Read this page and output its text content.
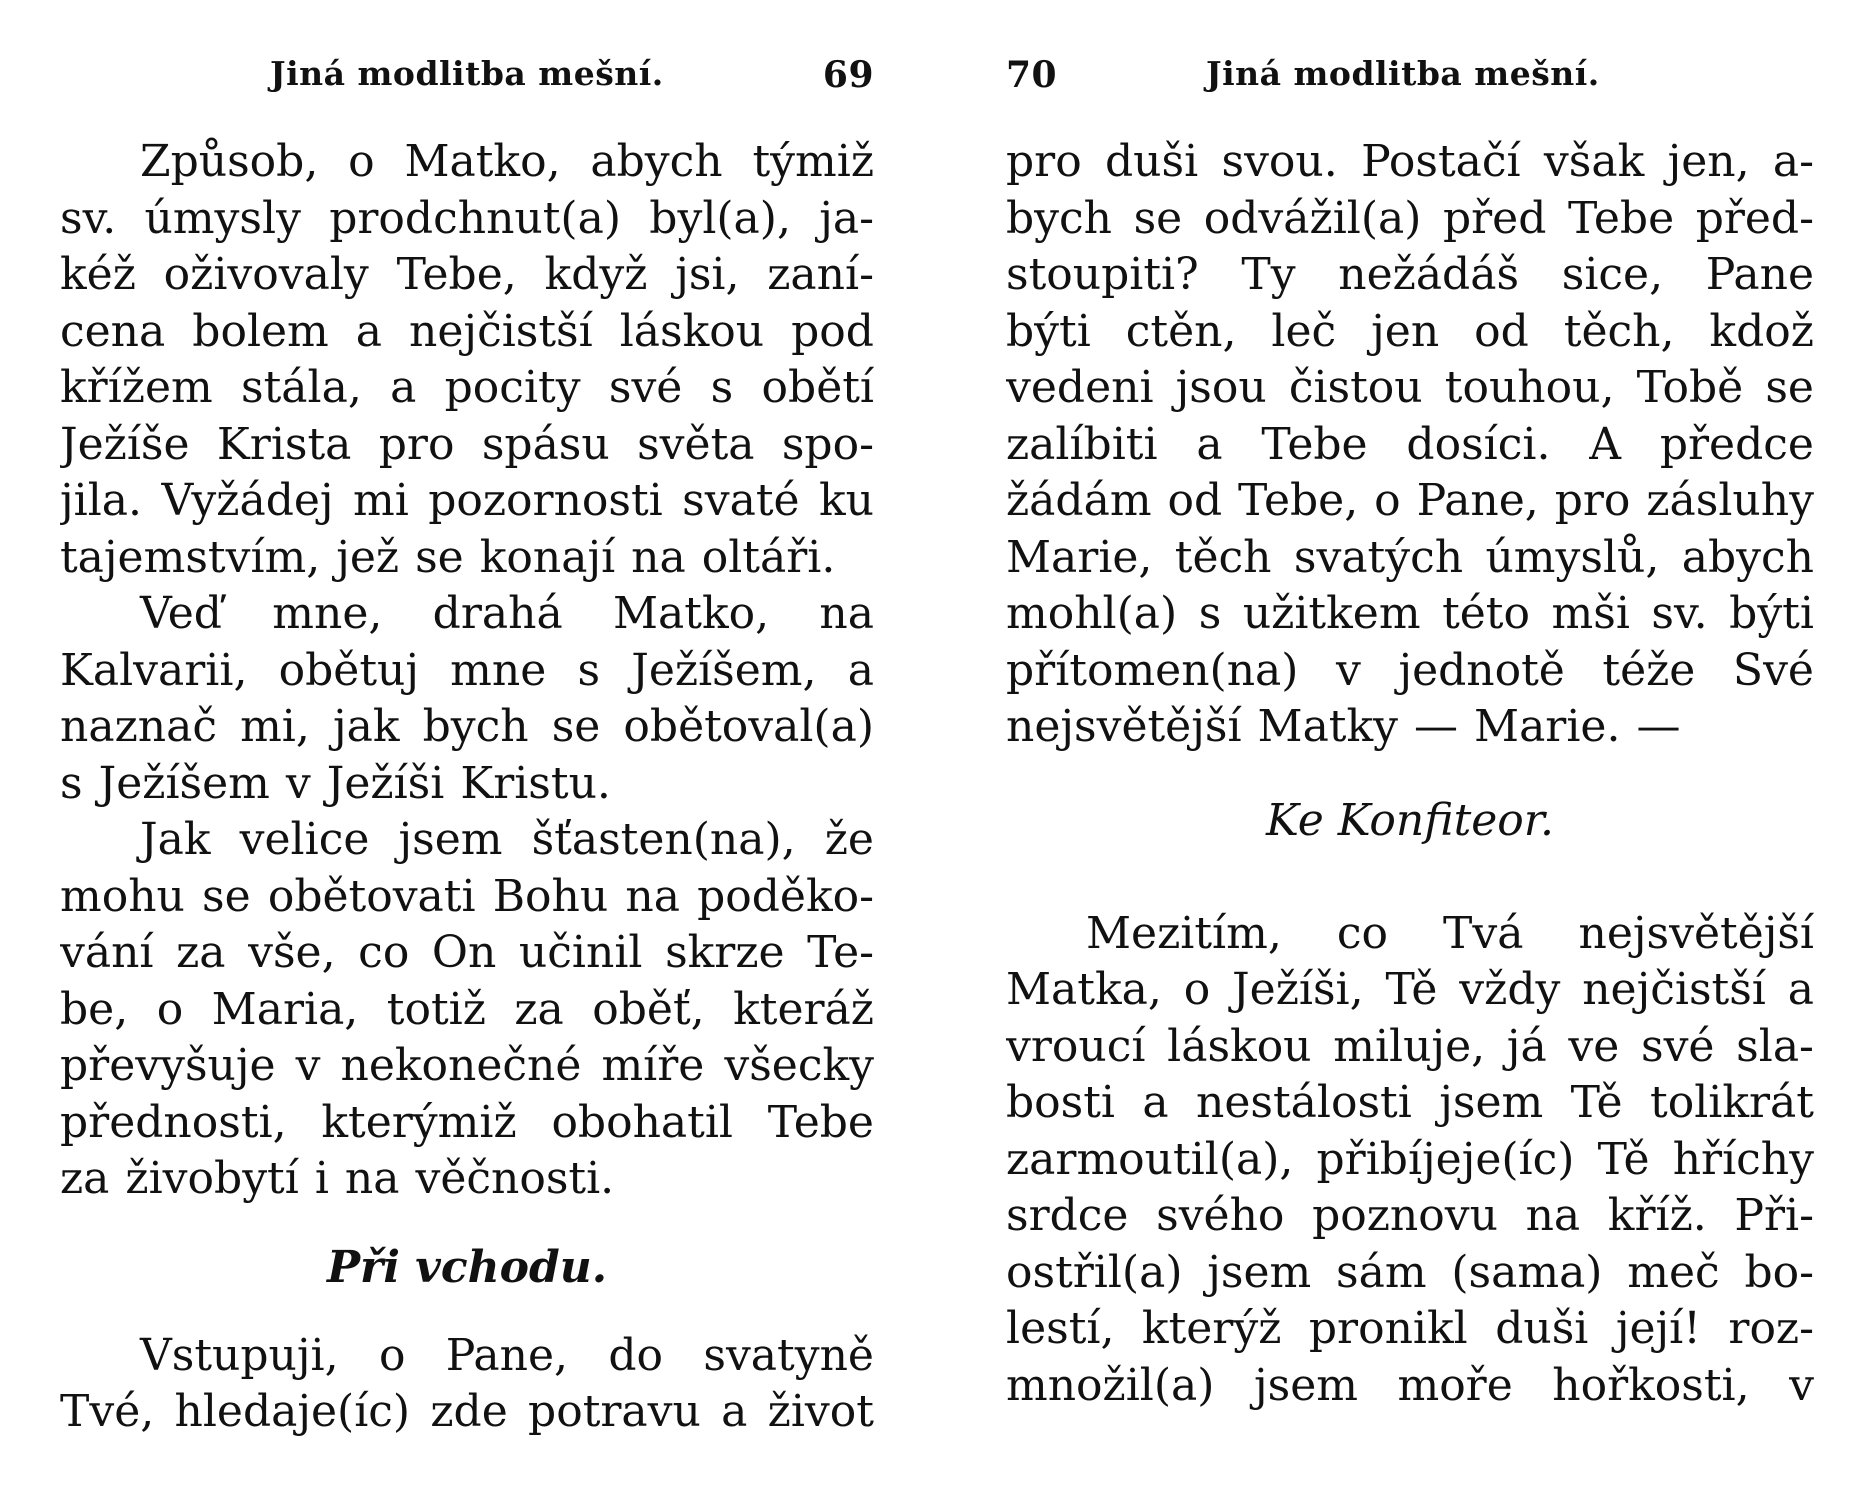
Jiná modlitba mešní.	69
Způsob, o Matko, abych týmiž
sv. úmysly prodchnut(a) byl(a), ja-
kéž oživovaly Tebe, když jsi, zaní-
cena bolem a nejčistší láskou pod
křížem stála, a pocity své s obětí
Ježíše Krista pro spásu světa spo-
jila. Vyžádej mi pozornosti svaté ku
tajemstvím, jež se konají na oltáři.
Veď mne, drahá Matko, na
Kalvarii, obětuj mne s Ježíšem, a
naznač mi, jak bych se obětoval(a)
s Ježíšem v Ježíši Kristu.
Jak velice jsem šťasten(na), že
mohu se obětovati Bohu na poděko-
vání za vše, co On učinil skrze Te-
be, o Maria, totiž za oběť, kteráž
převyšuje v nekonečné míře všecky
přednosti, kterýmiž obohatil Tebe
za živobytí i na věčnosti.
Při vchodu.
Vstupuji, o Pane, do svatyně
Tvé, hledaje(íc) zde potravu a život
70	Jiná modlitba mešní.
pro duši svou. Postačí však jen, a-
bych se odvážil(a) před Tebe před-
stoupiti? Ty nežádáš sice, Pane
býti ctěn, leč jen od těch, kdož
vedeni jsou čistou touhou, Tobě se
zalíbiti a Tebe dosíci. A předce
žádám od Tebe, o Pane, pro zásluhy
Marie, těch svatých úmyslů, abych
mohl(a) s užitkem této mši sv. býti
přítomen(na) v jednotě téže Své
nejsvětější Matky — Marie. —
Ke Konfiteor.
Mezitím, co Tvá nejsvětější
Matka, o Ježíši, Tě vždy nejčistší a
vroucí láskou miluje, já ve své sla-
bosti a nestálosti jsem Tě tolikrát
zarmoutil(a), přibíjeje(íc) Tě hříchy
srdce svého poznovu na kříž. Při-
ostřil(a) jsem sám (sama) meč bo-
lestí, kterýž pronikl duši její! roz-
množil(a) jsem moře hořkosti, v
